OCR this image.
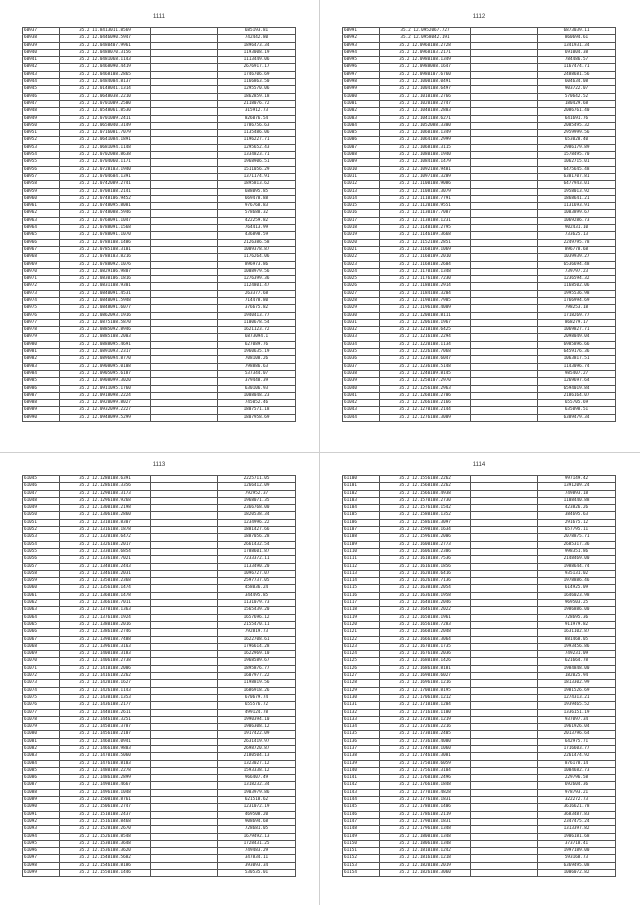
1111
60937	35.2 11.8413011.8569		685193.81
60938	35.2 12.0446090.5947		742442.80
60939	35.2 12.0480407.9961		1896473.34
60940	35.2 12.0488070.3156		1193008.19
60941	35.2 12.0481068.1143		1113449.06
60942	35.2 12.0468090.4419		2676917.17
60943	35.2 12.0468108.2865		1746706.69
60944	35.2 12.0484004.8137		1166863.50
60945	35.2 12.0148041.1314		1295570.06
60946	35.2 12.0648038.2210		1862859.18
60947	35.2 12.0701009.2500		2118076.72
60948	35.2 12.0548061.8530		315912.73
60949	35.2 12.0701009.2411		826076.54
60950	35.2 12.0658040.3149		1786756.63
60951	35.2 12.0716081.7079		1135486.06
60952	35.2 12.0641084.1891		1196227.71
60953	35.2 12.0681094.1148		1295652.43
60954	35.2 12.0702088.8638		1334823.71
60955	35.2 12.0704060.1171		1968906.51
60956	35.2 12.0728103.1940		1511056.29
60957	35.2 12.0704604.1391		1371174.91
60958	35.2 12.0742089.2741		1895813.62
60959	35.2 12.0708108.2141		688095.85
60960	35.2 12.0748106.9452		669478.88
60961	35.2 12.0748095.8081		976768.83
60962	35.2 12.0748088.5946		578688.32
60963	35.2 12.0768091.1047		422259.82
60964	35.2 12.0788091.1568		764413.99
60965	35.2 12.0788091.1070		436898.59
60966	35.2 12.0788108.1486		2126386.58
60967	35.2 12.0785108.3101		1009378.87
60968	35.2 12.0788103.8216		1176264.06
60969	35.2 12.0788092.1076		896973.86
60970	35.2 12.0829106.9807		1008979.56
60971	35.2 12.0830106.1816		1276399.36
60972	35.2 12.0831108.9301		1124801.47
60973	35.2 12.0840091.4531		263377.68
60974	35.2 12.0840091.5948		714478.80
60975	35.2 12.0848091.6077		376675.82
60976	35.2 12.0862093.1916		1940413.77
60977	35.2 12.0875108.5870		1100678.54
60978	35.2 12.0885092.8946		1621123.72
60979	35.2 12.0885108.2003		6873094.1
60980	35.2 12.0888095.4691		627089.76
60981	35.2 12.0891093.2317		1960635.19
60982	35.2 12.0896094.8770		708108.26
60983	35.2 12.0908095.0108		798886.63
60984	35.2 12.0905095.6187		537344.07
60985	35.2 12.0908099.3020		379448.39
60986	35.2 12.0911095.1760		630106.93
60987	35.2 12.0918098.2224		1008048.23
60988	35.2 12.0920099.8027		745052.46
60989	35.2 12.0932099.2227		1807571.18
60990	35.2 12.0948099.5299		1807958.69
1112
60991	35.2 12.0952067.727		6873039.11
60992	35.2 12.0958042.191		860694.61
60993	35.2 12.0960108.2728		1341931.34
60994	35.2 12.0968103.2171		691004.38
60995	35.2 12.0980108.1349		784486.57
60996	35.2 12.0988088.1647		1167474.71
60997	35.2 12.0980107.6760		2488681.56
60998	35.2 12.1000108.0491		604634.08
60999	35.2 12.1004108.6497		903722.07
61000	35.2 12.1010108.2766		570642.52
61001	35.2 12.1020108.2747		180429.68
61002	35.2 12.1040108.2803		2086761.40
61003	35.2 12.1041108.6271		641691.76
61004	35.2 12.1052088.3300		2085495.32
61005	35.2 12.1060108.1349		2959999.56
61006	35.2 12.1064108.2999		653028.40
61007	35.2 12.1068108.3115		2986179.89
61008	35.2 12.1080108.1940		1578495.70
61009	35.2 12.1084108.1479		1062715.01
61010	35.2 12.1092108.9481		6475645.48
61011	35.2 12.1097108.3209		6381707.81
61012	35.2 12.1100108.9086		6477943.01
61013	35.2 12.1108108.3079		1958013.92
61014	35.2 12.1110108.7791		1868641.21
61015	35.2 12.1120108.9551		1131693.91
61016	35.2 12.1130107.7087		1083899.67
61017	35.2 12.1138108.1231		1069286.73
61018	35.2 12.1140108.2795		902431.10
61019	35.2 12.1146109.3668		733625.13
61020	35.2 12.1152108.2851		2249795.78
61021	35.2 12.1160109.1069		896778.68
61022	35.2 12.1160109.2010		1039939.27
61023	35.2 12.1168108.2604		6536694.48
61024	35.2 12.1170108.1348		739797.23
61025	35.2 12.1176108.7230		1236594.32
61026	35.2 12.1180108.2914		1168502.06
61027	35.2 12.1184108.3204		1995536.98
61028	35.2 12.1190108.7905		1766994.69
61029	35.2 12.1196108.4009		798253.18
61030	35.2 12.1200108.8111		1718269.77
61031	35.2 12.1206108.1967		868279.17
61032	35.2 12.1210108.6425		1069827.71
61033	35.2 12.1216108.2294		2098049.04
61034	35.2 12.1220108.1134		6985896.66
61035	35.2 12.1226108.7068		6459176.36
61036	35.2 12.1230108.6047		1063817.51
61037	35.2 12.1236108.5148		1143096.74
61038	35.2 12.1240109.8145		985407.27
61039	35.2 12.1250107.2970		1269697.64
61040	35.2 12.1256108.2963		6594019.84
61041	35.2 12.1260108.2706		2186164.07
61042	35.2 12.1266108.2166		655705.69
61043	35.2 12.1270108.2144		635098.51
61044	35.2 12.1276108.3009		6389479.34
1113
61045	35.2 12.1280108.6391		2225711.05
61046	35.2 12.1286108.3356		1266412.09
61047	35.2 12.1290108.3173		792952.37
61048	35.2 12.1296108.9268		1968071.35
61049	35.2 12.1300108.2198		2366768.00
61050	35.2 12.1306108.2860		1820538.34
61051	35.2 12.1310108.8307		1234996.22
61052	35.2 12.1316108.1878		1881427.66
61053	35.2 12.1320108.6472		1887056.28
61054	35.2 12.1326108.2017		2661432.54
61055	35.2 12.1330108.6854		1788601.87
61056	35.2 12.1336108.7021		7233372.11
61057	35.2 12.1340108.2443		1133490.20
61058	35.2 12.1346108.2031		1096727.07
61059	35.2 12.1350108.2368		2597737.05
61060	35.2 12.1356108.1474		458036.24
61061	35.2 12.1360108.1478		344495.85
61062	35.2 12.1366108.7011		1131079.73
61063	35.2 12.1370108.1363		1565439.20
61064	35.2 12.1376108.1924		1657696.12
61065	35.2 12.1380108.2016		2155470.11
61066	35.2 12.1386108.2746		792819.73
61067	35.2 12.1390108.7488		1622708.61
61068	35.2 12.1396108.3163		1796614.28
61069	35.2 12.1400108.3183		1622969.10
61070	35.2 12.1406108.2738		1968589.67
61071	35.2 12.1410108.2006		1895876.77
61072	35.2 12.1416108.2262		1607977.22
61073	35.2 12.1420108.1627		1198819.56
61074	35.2 12.1426108.1143		1686918.26
61075	35.2 12.1430108.1353		670679.74
61076	35.2 12.1436108.2177		655576.72
61077	35.2 12.1440108.2611		499124.78
61078	35.2 12.1446108.3251		1990394.10
61079	35.2 12.1450108.3787		1906308.12
61080	35.2 12.1456108.2107		1917422.09
61081	35.2 12.1460108.0941		2631419.97
61082	35.2 12.1466108.9803		2698720.87
61083	35.2 12.1470108.5060		2180504.13
61084	35.2 12.1476108.8103		1323027.12
61085	35.2 12.1480108.2278		1593338.12
61086	35.2 12.1486108.2899		966407.49
61087	35.2 12.1490108.4667		1318232.34
61088	35.2 12.1496108.1048		1903979.86
61089	35.2 12.1500108.8761		621518.62
61090	35.2 12.1506108.2747		1231072.19
61091	35.2 12.1510108.2437		469508.20
61092	35.2 12.1516108.8468		908694.68
61093	35.2 12.1520108.2670		728681.05
61094	35.2 12.1526108.8548		1679492.13
61095	35.2 12.1530108.3648		1728431.25
61096	35.2 12.1536108.3620		749483.29
61097	35.2 12.1540108.5682		347834.11
61098	35.2 12.1546108.8186		393093.34
61099	35.2 12.1550108.1446		530535.01
1114
61100	35.2 12.1556108.2262		997149.42
61101	35.2 12.1560108.2262		1391209.24
61102	35.2 12.1566108.4938		749893.18
61103	35.2 12.1570108.2730		1108440.88
61104	35.2 12.1576108.1542		423826.26
61105	35.2 12.1580108.1352		384695.63
61106	35.2 12.1586108.3097		291675.12
61107	35.2 12.1590108.1634		657795.11
61108	35.2 12.1596108.2006		2078875.71
61109	35.2 12.1600108.2773		2685317.36
61110	35.2 12.1606108.2306		998351.86
61111	35.2 12.1610108.7536		2148469.00
61112	35.2 12.1616108.1856		1988644.74
61113	35.2 12.1620108.6416		935131.02
61114	35.2 12.1626108.7136		1978886.46
61115	35.2 12.1630108.2054		614925.09
61116	35.2 12.1636108.1958		1646023.98
61117	35.2 12.1640108.2046		969503.25
61118	35.2 12.1646108.2022		1986886.00
61119	35.2 12.1650108.1961		728695.36
61120	35.2 12.1656108.7283		911979.82
61121	35.2 12.1660108.2048		1631102.87
61122	35.2 12.1666108.3064		881468.05
61123	35.2 12.1670108.1735		1993456.86
61124	35.2 12.1676108.2036		749231.09
61125	35.2 12.1680108.1426		621664.78
61126	35.2 12.1686108.8181		1984848.00
61127	35.2 12.1690108.6027		182025.94
61128	35.2 12.1696108.1216		1813302.99
61129	35.2 12.1700108.8195		1981526.69
61130	35.2 12.1706108.1212		1274313.21
61131	35.2 12.1710108.1204		1939465.52
61132	35.2 12.1716108.1100		1336151.19
61133	35.2 12.1720108.1219		937097.34
61134	35.2 12.1726108.2216		1961926.04
61135	35.2 12.1730108.2405		2013796.64
61136	35.2 12.1736108.4000		642975.71
61137	35.2 12.1740108.1060		1716603.77
61138	35.2 12.1746108.3081		2261474.92
61139	35.2 12.1750108.6059		876178.14
61140	35.2 12.1756108.3104		1004682.73
61141	35.2 12.1760108.2496		229796.58
61142	35.2 12.1766108.1848		692604.36
61143	35.2 12.1770108.4828		978793.21
61144	35.2 12.1776108.1831		322272.73
61145	35.2 12.1780108.1406		3616621.78
61146	35.2 12.1786108.2119		3683487.83
61147	35.2 12.1790108.1831		2347475.24
61148	35.2 12.1796108.1348		1313397.82
61149	35.2 12.1800108.1348		1906181.68
61150	35.2 12.1806108.1348		373718.41
61151	35.2 12.1810108.1242		1997189.00
61152	35.2 12.1816108.1218		593168.73
61153	35.2 12.1820108.2019		6369495.08
61154	35.2 12.1826108.3060		1006072.82
